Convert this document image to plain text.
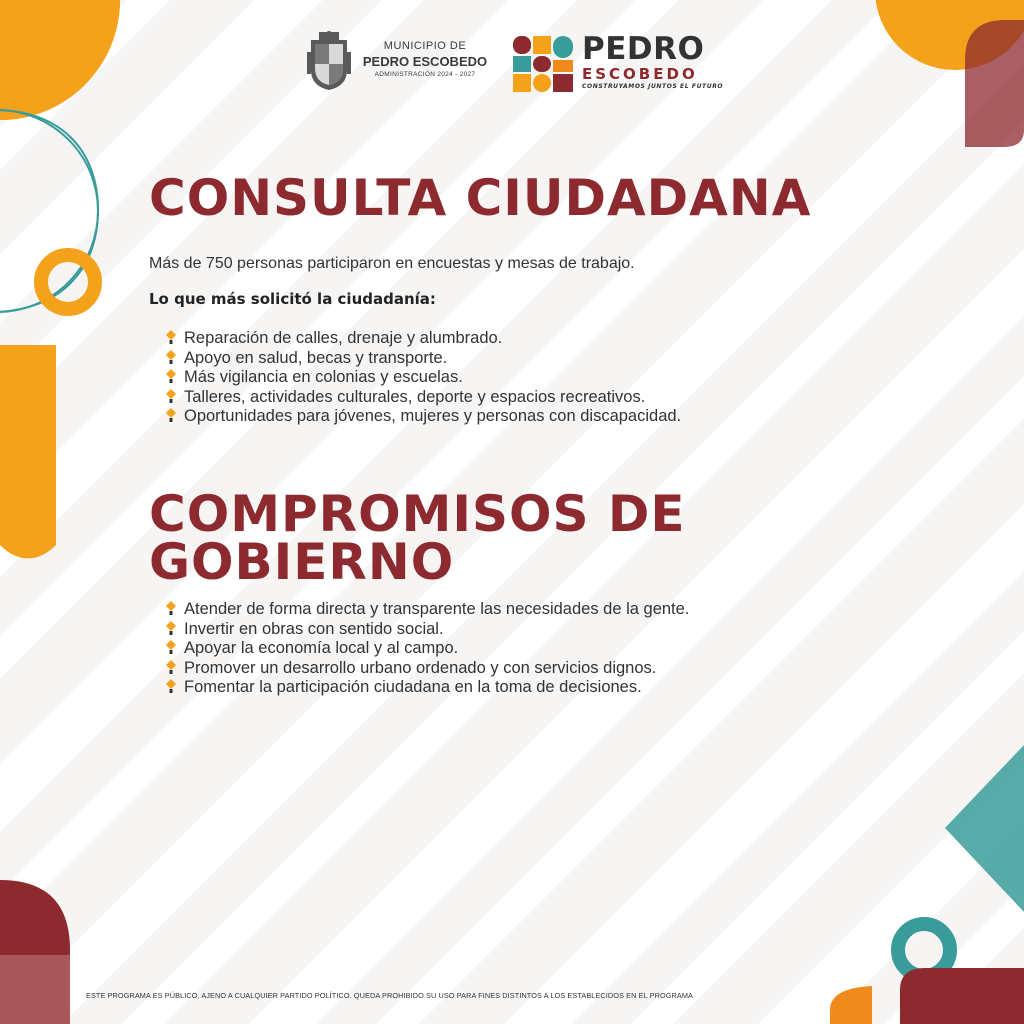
MUNICIPIO DE
PEDRO ESCOBEDO
ADMINISTRACIÓN 2024 - 2027
PEDRO
ESCOBEDO
CONSTRUYAMOS JUNTOS EL FUTURO
CONSULTA CIUDADANA

Más de 750 personas participaron en encuestas y mesas de trabajo.

Lo que más solicitó la ciudadanía:

Reparación de calles, drenaje y alumbrado.
Apoyo en salud, becas y transporte.
Más vigilancia en colonias y escuelas.
Talleres, actividades culturales, deporte y espacios recreativos.
Oportunidades para jóvenes, mujeres y personas con discapacidad.
COMPROMISOS DE GOBIERNO
Atender de forma directa y transparente las necesidades de la gente.
Invertir en obras con sentido social.
Apoyar la economía local y al campo.
Promover un desarrollo urbano ordenado y con servicios dignos.
Fomentar la participación ciudadana en la toma de decisiones.

ESTE PROGRAMA ES PÚBLICO, AJENO A CUALQUIER PARTIDO POLÍTICO. QUEDA PROHIBIDO SU USO PARA FINES DISTINTOS A LOS ESTABLECIDOS EN EL PROGRAMA
